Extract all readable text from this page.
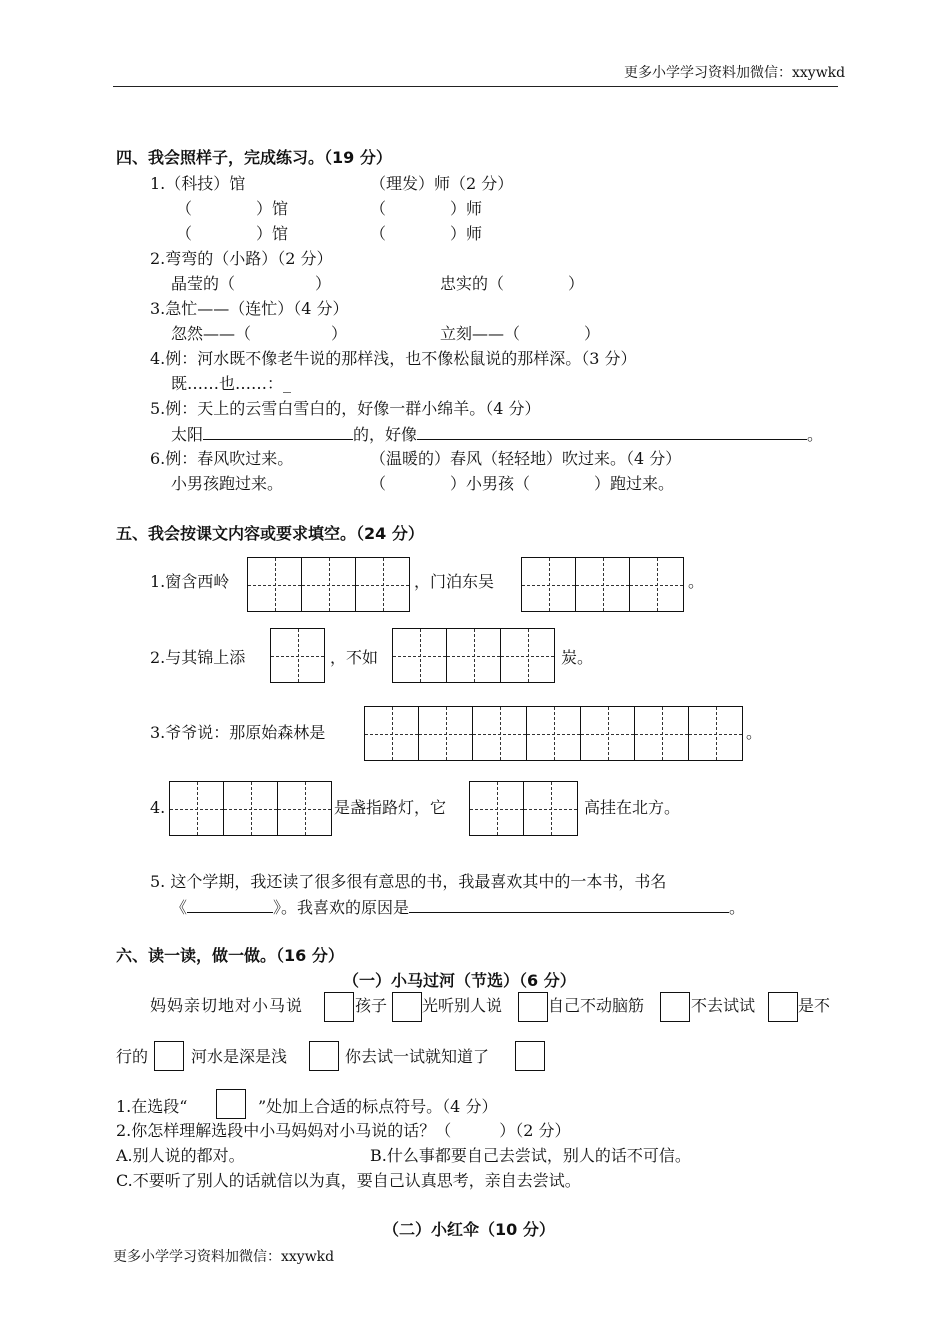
更多小学学习资料加微信：xxywkd
四、我会照样子，完成练习。（19 分）
1.（科技）馆	（理发）师（2 分）
（　　　　）馆	（　　　　）师
（　　　　）馆	（　　　　）师
2.弯弯的（小路）（2 分）
晶莹的（　　　　　）	忠实的（　　　　）
3.急忙——（连忙）（4 分）
忽然——（　　　　　）	立刻——（　　　　）
4.例：河水既不像老牛说的那样浅，也不像松鼠说的那样深。（3 分）
既……也……：_
5.例：天上的云雪白雪白的，好像一群小绵羊。（4 分）
太阳	的，好像	。
6.例：春风吹过来。	（温暖的）春风（轻轻地）吹过来。（4 分）
小男孩跑过来。	（　　　　）小男孩（　　　　）跑过来。
五、我会按课文内容或要求填空。（24 分）
1.窗含西岭	，门泊东吴	。
2.与其锦上添	，不如	炭。
3.爷爷说：那原始森林是	。
4.	是盏指路灯，它	高挂在北方。
5. 这个学期，我还读了很多很有意思的书，我最喜欢其中的一本书，书名
《	》。我喜欢的原因是	。
六、读一读，做一做。（16 分）
（一）小马过河（节选）（6 分）
妈妈亲切地对小马说	孩子 光听别人说	自己不动脑筋	不去试试	是不
行的	河水是深是浅	你去试一试就知道了
1.在选段“	”处加上合适的标点符号。（4 分）
2.你怎样理解选段中小马妈妈对小马说的话？（　　　）（2 分）
A.别人说的都对。	B.什么事都要自己去尝试，别人的话不可信。
C.不要听了别人的话就信以为真，要自己认真思考，亲自去尝试。
（二）小红伞（10 分）
更多小学学习资料加微信：xxywkd
